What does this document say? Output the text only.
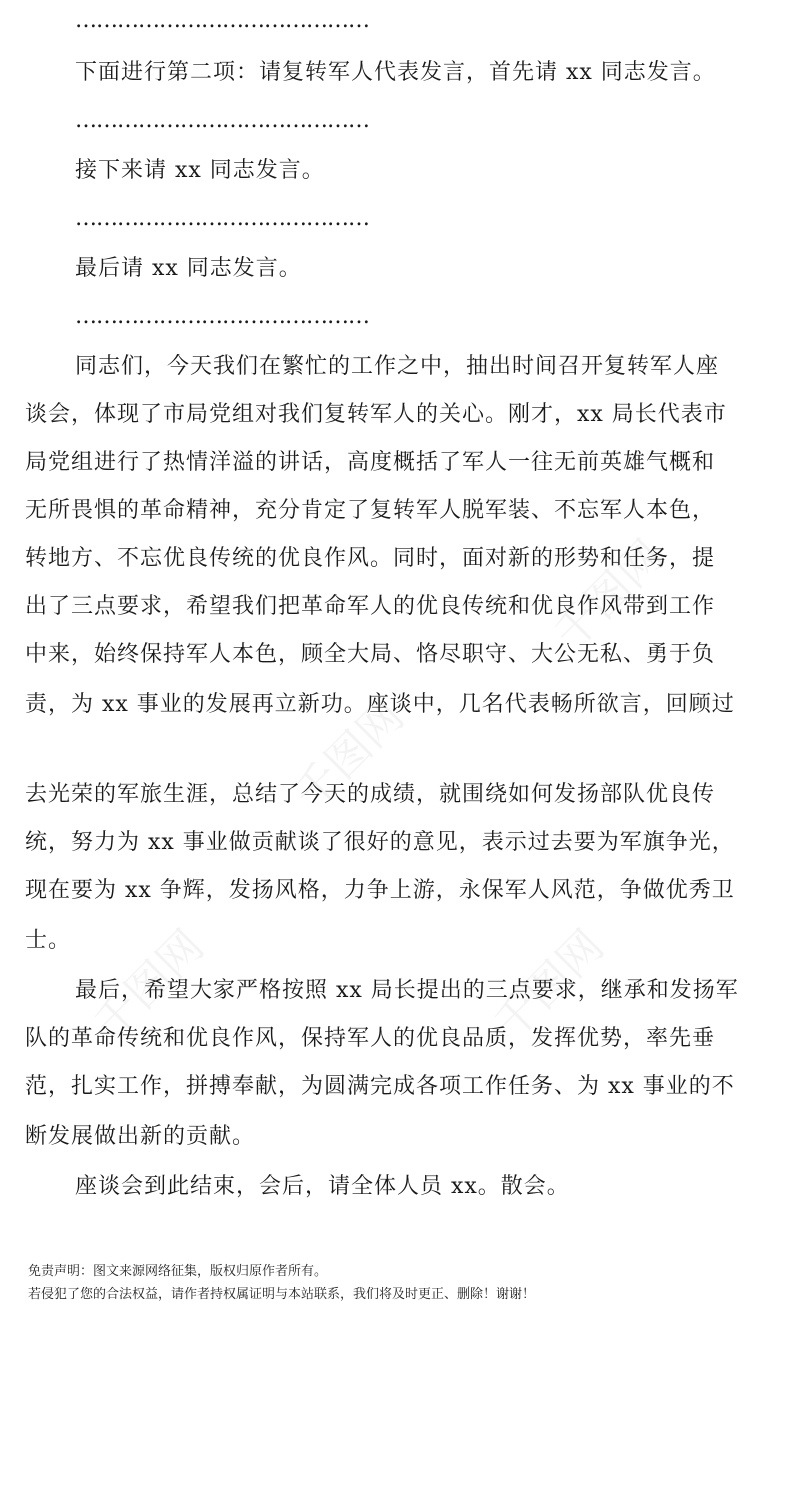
千图网
千图网
千图网	千图网
……………………………………
下面进行第二项：请复转军人代表发言，首先请 xx 同志发言。
……………………………………
接下来请 xx 同志发言。
……………………………………
最后请 xx 同志发言。
……………………………………
同志们，今天我们在繁忙的工作之中，抽出时间召开复转军人座
谈会，体现了市局党组对我们复转军人的关心。刚才，xx 局长代表市
局党组进行了热情洋溢的讲话，高度概括了军人一往无前英雄气概和
无所畏惧的革命精神，充分肯定了复转军人脱军装、不忘军人本色，
转地方、不忘优良传统的优良作风。同时，面对新的形势和任务，提
出了三点要求，希望我们把革命军人的优良传统和优良作风带到工作
中来，始终保持军人本色，顾全大局、恪尽职守、大公无私、勇于负
责，为 xx 事业的发展再立新功。座谈中，几名代表畅所欲言，回顾过
去光荣的军旅生涯，总结了今天的成绩，就围绕如何发扬部队优良传
统，努力为 xx 事业做贡献谈了很好的意见，表示过去要为军旗争光，
现在要为 xx 争辉，发扬风格，力争上游，永保军人风范，争做优秀卫
士。
最后，希望大家严格按照 xx 局长提出的三点要求，继承和发扬军
队的革命传统和优良作风，保持军人的优良品质，发挥优势，率先垂
范，扎实工作，拼搏奉献，为圆满完成各项工作任务、为 xx 事业的不
断发展做出新的贡献。
座谈会到此结束，会后，请全体人员 xx。散会。
免责声明：图文来源网络征集，版权归原作者所有。
若侵犯了您的合法权益，请作者持权属证明与本站联系，我们将及时更正、删除！谢谢！
